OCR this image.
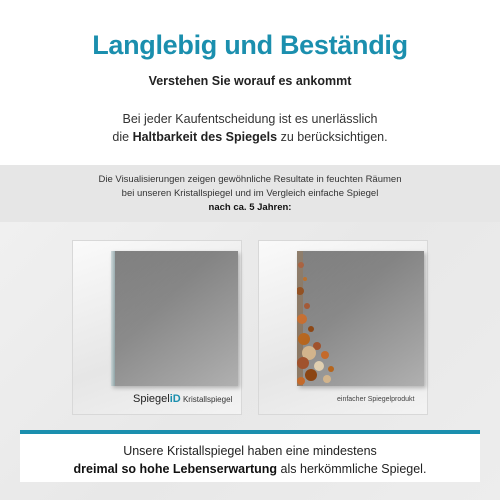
Langlebig und Beständig
Verstehen Sie worauf es ankommt
Bei jeder Kaufentscheidung ist es unerlässlich
die Haltbarkeit des Spiegels zu berücksichtigen.
Die Visualisierungen zeigen gewöhnliche Resultate in feuchten Räumen
bei unseren Kristallspiegel und im Vergleich einfache Spiegel
nach ca. 5 Jahren:
SpiegeliD Kristallspiegel	einfacher Spiegelprodukt
Unsere Kristallspiegel haben eine mindestens
dreimal so hohe Lebenserwartung als herkömmliche Spiegel.
